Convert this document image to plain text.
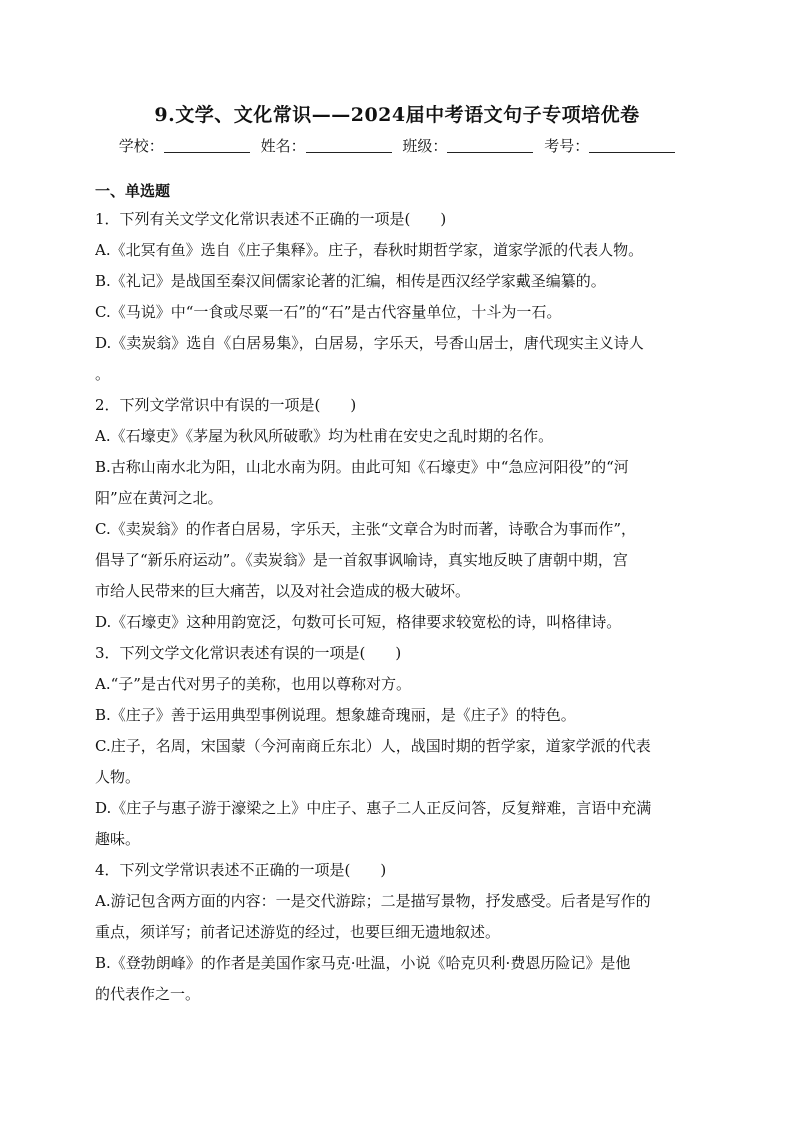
9.文学、文化常识——2024届中考语文句子专项培优卷
学校：	姓名：	班级：	考号：
一、单选题
1．下列有关文学文化常识表述不正确的一项是(　　)
A.《北冥有鱼》选自《庄子集释》。庄子，春秋时期哲学家，道家学派的代表人物。
B.《礼记》是战国至秦汉间儒家论著的汇编，相传是西汉经学家戴圣编纂的。
C.《马说》中“一食或尽粟一石”的“石”是古代容量单位，十斗为一石。
D.《卖炭翁》选自《白居易集》，白居易，字乐天，号香山居士，唐代现实主义诗人
。
2．下列文学常识中有误的一项是(　　)
A.《石壕吏》《茅屋为秋风所破歌》均为杜甫在安史之乱时期的名作。
B.古称山南水北为阳，山北水南为阴。由此可知《石壕吏》中“急应河阳役”的“河
阳”应在黄河之北。
C.《卖炭翁》的作者白居易，字乐天，主张“文章合为时而著，诗歌合为事而作”，
倡导了“新乐府运动”。《卖炭翁》是一首叙事讽喻诗，真实地反映了唐朝中期，宫
市给人民带来的巨大痛苦，以及对社会造成的极大破坏。
D.《石壕吏》这种用韵宽泛，句数可长可短，格律要求较宽松的诗，叫格律诗。
3．下列文学文化常识表述有误的一项是(　　)
A.“子”是古代对男子的美称，也用以尊称对方。
B.《庄子》善于运用典型事例说理。想象雄奇瑰丽，是《庄子》的特色。
C.庄子，名周，宋国蒙（今河南商丘东北）人，战国时期的哲学家，道家学派的代表
人物。
D.《庄子与惠子游于濠梁之上》中庄子、惠子二人正反问答，反复辩难，言语中充满
趣味。
4．下列文学常识表述不正确的一项是(　　)
A.游记包含两方面的内容：一是交代游踪；二是描写景物，抒发感受。后者是写作的
重点，须详写；前者记述游览的经过，也要巨细无遗地叙述。
B.《登勃朗峰》的作者是美国作家马克·吐温，小说《哈克贝利·费恩历险记》是他
的代表作之一。
